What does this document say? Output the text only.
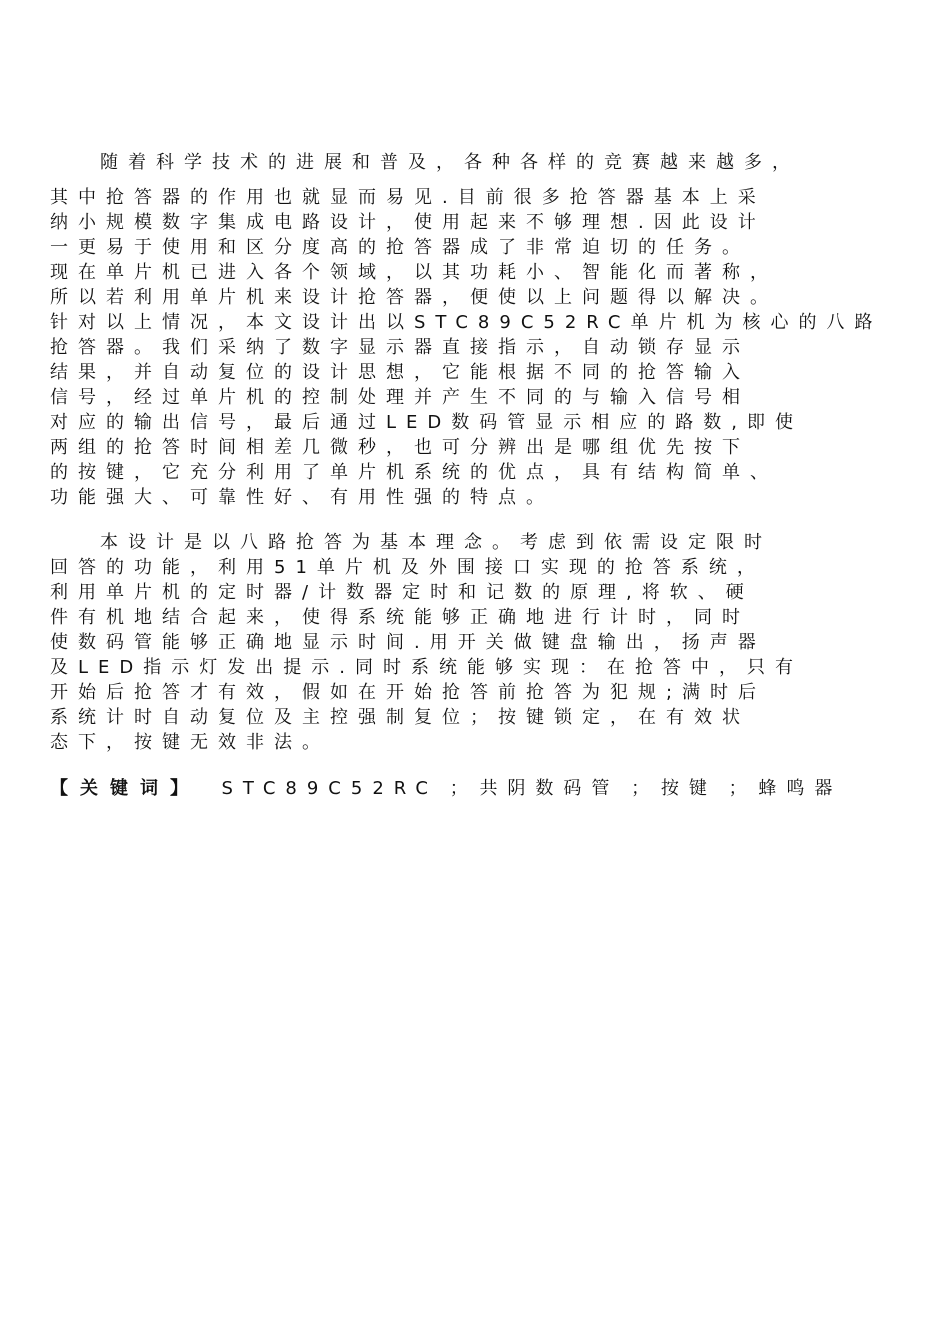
随着科学技术的进展和普及，各种各样的竞赛越来越多，
其中抢答器的作用也就显而易见.目前很多抢答器基本上采
纳小规模数字集成电路设计，使用起来不够理想.因此设计
一更易于使用和区分度高的抢答器成了非常迫切的任务。
现在单片机已进入各个领域，以其功耗小、智能化而著称，
所以若利用单片机来设计抢答器，便使以上问题得以解决。
针对以上情况，本文设计出以STC89C52RC单片机为核心的八路
抢答器。我们采纳了数字显示器直接指示，自动锁存显示
结果，并自动复位的设计思想，它能根据不同的抢答输入
信号，经过单片机的控制处理并产生不同的与输入信号相
对应的输出信号，最后通过LED数码管显示相应的路数,即使
两组的抢答时间相差几微秒，也可分辨出是哪组优先按下
的按键，它充分利用了单片机系统的优点，具有结构简单、
功能强大、可靠性好、有用性强的特点。
本设计是以八路抢答为基本理念。考虑到依需设定限时
回答的功能，利用51单片机及外围接口实现的抢答系统，
利用单片机的定时器/计数器定时和记数的原理,将软、硬
件有机地结合起来，使得系统能够正确地进行计时，同时
使数码管能够正确地显示时间.用开关做键盘输出，扬声器
及LED指示灯发出提示.同时系统能够实现：在抢答中，只有
开始后抢答才有效，假如在开始抢答前抢答为犯规;满时后
系统计时自动复位及主控强制复位；按键锁定，在有效状
态下，按键无效非法。
【关键词】 STC89C52RC ； 共阴数码管 ； 按键 ； 蜂鸣器
